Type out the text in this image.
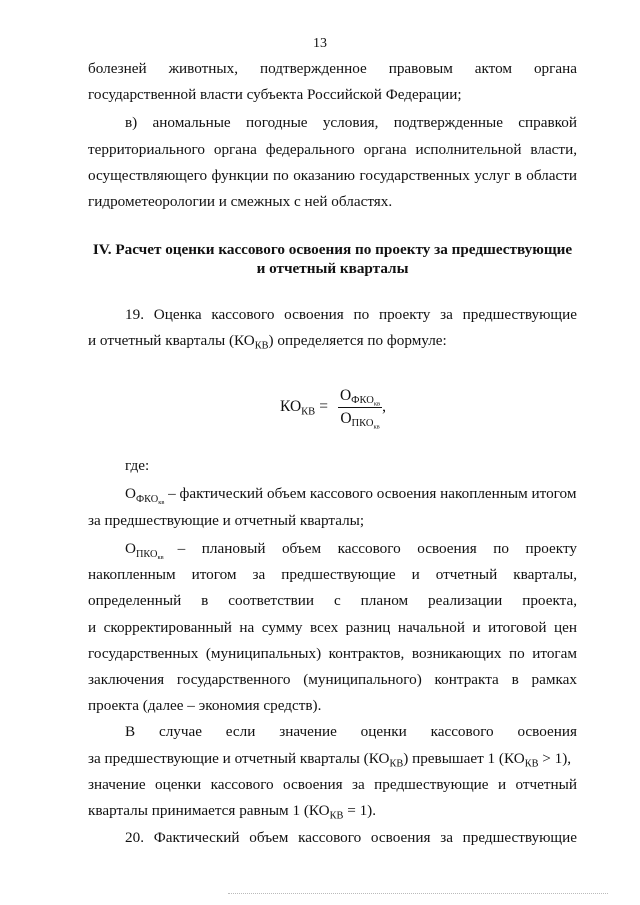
13
болезней животных, подтвержденное правовым актом органа
государственной власти субъекта Российской Федерации;
в) аномальные погодные условия, подтвержденные справкой
территориального органа федерального органа исполнительной власти,
осуществляющего функции по оказанию государственных услуг в области
гидрометеорологии и смежных с ней областях.
IV. Расчет оценки кассового освоения по проекту за предшествующие
и отчетный кварталы
19. Оценка кассового освоения по проекту за предшествующие
и отчетный кварталы $(КО_{КВ})$ определяется по формуле:
$КО_{КВ} = \frac{О_{ФКО_{кв}}}{О_{ПКО_{кв}}}$ ,
где:
$О_{ФКО_{кв}}$ – фактический объем кассового освоения накопленным итогом
за предшествующие и отчетный кварталы;
$О_{ПКО_{кв}}$
– плановый объем кассового освоения по проекту
накопленным итогом за предшествующие и отчетный кварталы,
определенный в соответствии с планом реализации проекта,
и скорректированный на сумму всех разниц начальной и итоговой цен
государственных (муниципальных) контрактов, возникающих по итогам
заключения государственного (муниципального) контракта в рамках
проекта (далее – экономия средств).
В случае если значение оценки кассового освоения
за предшествующие и отчетный кварталы $(КО_{КВ})$ превышает 1 $(КО_{КВ} > 1)$,
значение оценки кассового освоения за предшествующие и отчетный
кварталы принимается равным 1 $(КО_{КВ} = 1)$.
20. Фактический объем кассового освоения за предшествующие
